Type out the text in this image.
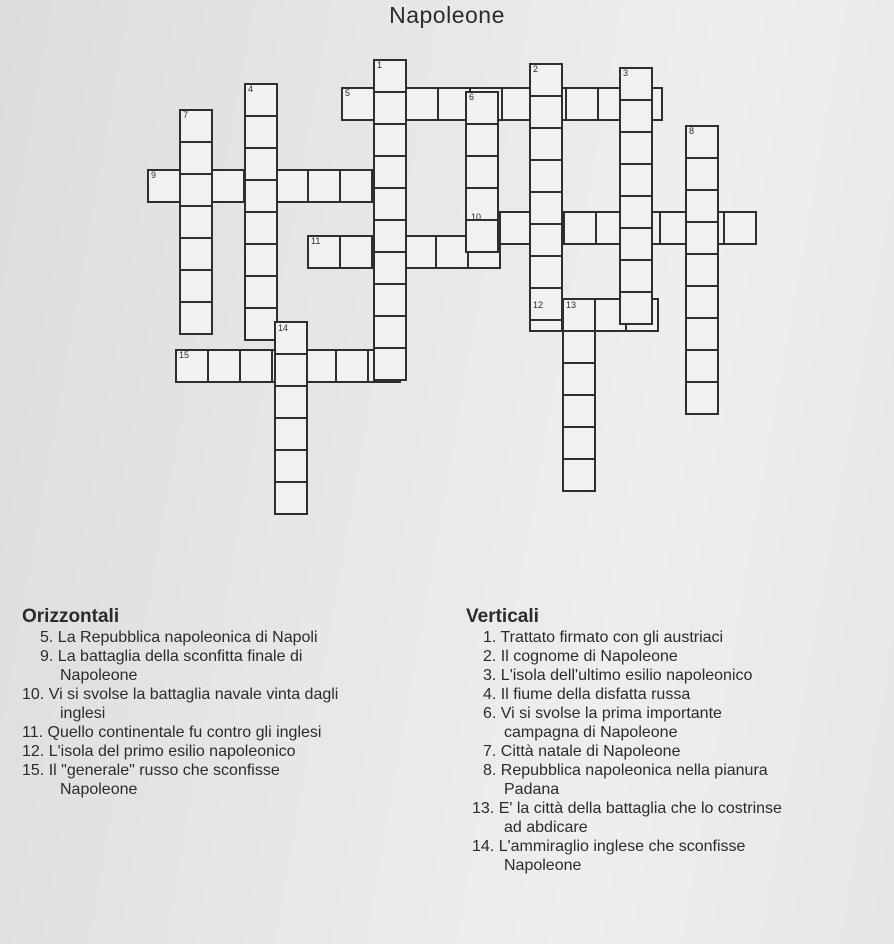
Napoleone
1	2	3
4	5	6
7
8
9
10
11
12	13
14
15
Orizzontali	Verticali
5. La Repubblica napoleonica di Napoli
9. La battaglia della sconfitta finale di
Napoleone
10. Vi si svolse la battaglia navale vinta dagli
inglesi
11. Quello continentale fu contro gli inglesi
12. L'isola del primo esilio napoleonico
15. Il "generale" russo che sconfisse
Napoleone
1. Trattato firmato con gli austriaci
2. Il cognome di Napoleone
3. L'isola dell'ultimo esilio napoleonico
4. Il fiume della disfatta russa
6. Vi si svolse la prima importante
campagna di Napoleone
7. Città natale di Napoleone
8. Repubblica napoleonica nella pianura
Padana
13. E' la città della battaglia che lo costrinse
ad abdicare
14. L'ammiraglio inglese che sconfisse
Napoleone
